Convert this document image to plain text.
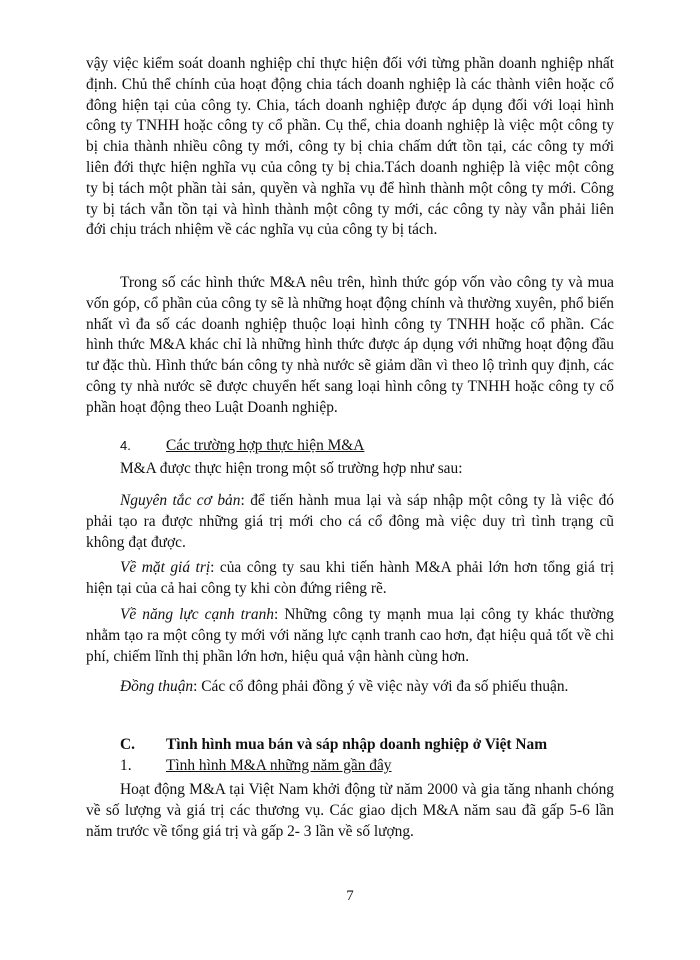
vậy việc kiểm soát doanh nghiệp chỉ thực hiện đối với từng phần doanh nghiệp nhất định. Chủ thể chính của hoạt động chia tách doanh nghiệp là các thành viên hoặc cổ đông hiện tại của công ty. Chia, tách doanh nghiệp được áp dụng đối với loại hình công ty TNHH hoặc công ty cổ phần. Cụ thể, chia doanh nghiệp là việc một công ty bị chia thành nhiều công ty mới, công ty bị chia chấm dứt tồn tại, các công ty mới liên đới thực hiện nghĩa vụ của công ty bị chia.Tách doanh nghiệp là việc một công ty bị tách một phần tài sản, quyền và nghĩa vụ để hình thành một công ty mới. Công ty bị tách vẫn tồn tại và hình thành một công ty mới, các công ty này vẫn phải liên đới chịu trách nhiệm về các nghĩa vụ của công ty bị tách.

Trong số các hình thức M&A nêu trên, hình thức góp vốn vào công ty và mua vốn góp, cổ phần của công ty sẽ là những hoạt động chính và thường xuyên, phổ biến nhất vì đa số các doanh nghiệp thuộc loại hình công ty TNHH hoặc cổ phần. Các hình thức M&A khác chỉ là những hình thức được áp dụng với những hoạt động đầu tư đặc thù. Hình thức bán công ty nhà nước sẽ giảm dần vì theo lộ trình quy định, các công ty nhà nước sẽ được chuyển hết sang loại hình công ty TNHH hoặc công ty cổ phần hoạt động theo Luật Doanh nghiệp.

4. Các trường hợp thực hiện M&A

M&A được thực hiện trong một số trường hợp như sau:

Nguyên tắc cơ bản: để tiến hành mua lại và sáp nhập một công ty là việc đó phải tạo ra được những giá trị mới cho cá cổ đông mà việc duy trì tình trạng cũ không đạt được.

Về mặt giá trị: của công ty sau khi tiến hành M&A phải lớn hơn tổng giá trị hiện tại của cả hai công ty khi còn đứng riêng rẽ.

Về năng lực cạnh tranh: Những công ty mạnh mua lại công ty khác thường nhằm tạo ra một công ty mới với năng lực cạnh tranh cao hơn, đạt hiệu quả tốt về chi phí, chiếm lĩnh thị phần lớn hơn, hiệu quả vận hành cùng hơn.

Đồng thuận: Các cổ đông phải đồng ý về việc này với đa số phiếu thuận.

C. Tình hình mua bán và sáp nhập doanh nghiệp ở Việt Nam
1. Tình hình M&A những năm gần đây

Hoạt động M&A tại Việt Nam khởi động từ năm 2000 và gia tăng nhanh chóng về số lượng và giá trị các thương vụ. Các giao dịch M&A năm sau đã gấp 5-6 lần năm trước về tổng giá trị và gấp 2- 3 lần về số lượng.

7
